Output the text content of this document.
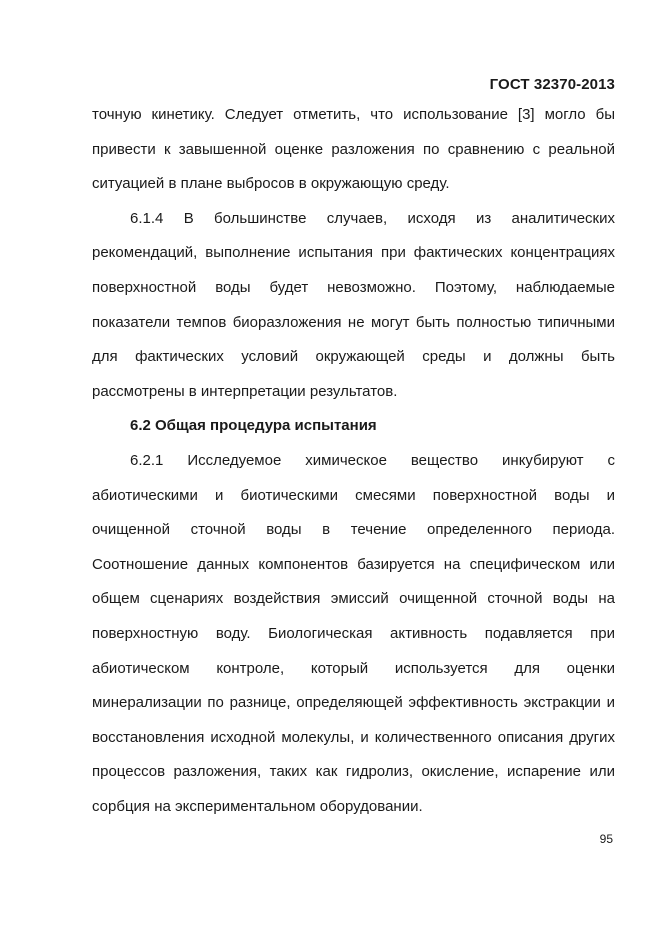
ГОСТ 32370-2013

точную кинетику. Следует отметить, что использование [3] могло бы привести к завышенной оценке разложения по сравнению с реальной ситуацией в плане выбросов в окружающую среду.

6.1.4 В большинстве случаев, исходя из аналитических рекомендаций, выполнение испытания при фактических концентрациях поверхностной воды будет невозможно. Поэтому, наблюдаемые показатели темпов биоразложения не могут быть полностью типичными для фактических условий окружающей среды и должны быть рассмотрены в интерпретации результатов.

6.2 Общая процедура испытания

6.2.1 Исследуемое химическое вещество инкубируют с абиотическими и биотическими смесями поверхностной воды и очищенной сточной воды в течение определенного периода. Соотношение данных компонентов базируется на специфическом или общем сценариях воздействия эмиссий очищенной сточной воды на поверхностную воду. Биологическая активность подавляется при абиотическом контроле, который используется для оценки минерализации по разнице, определяющей эффективность экстракции и восстановления исходной молекулы, и количественного описания других процессов разложения, таких как гидролиз, окисление, испарение или сорбция на экспериментальном оборудовании.

95
